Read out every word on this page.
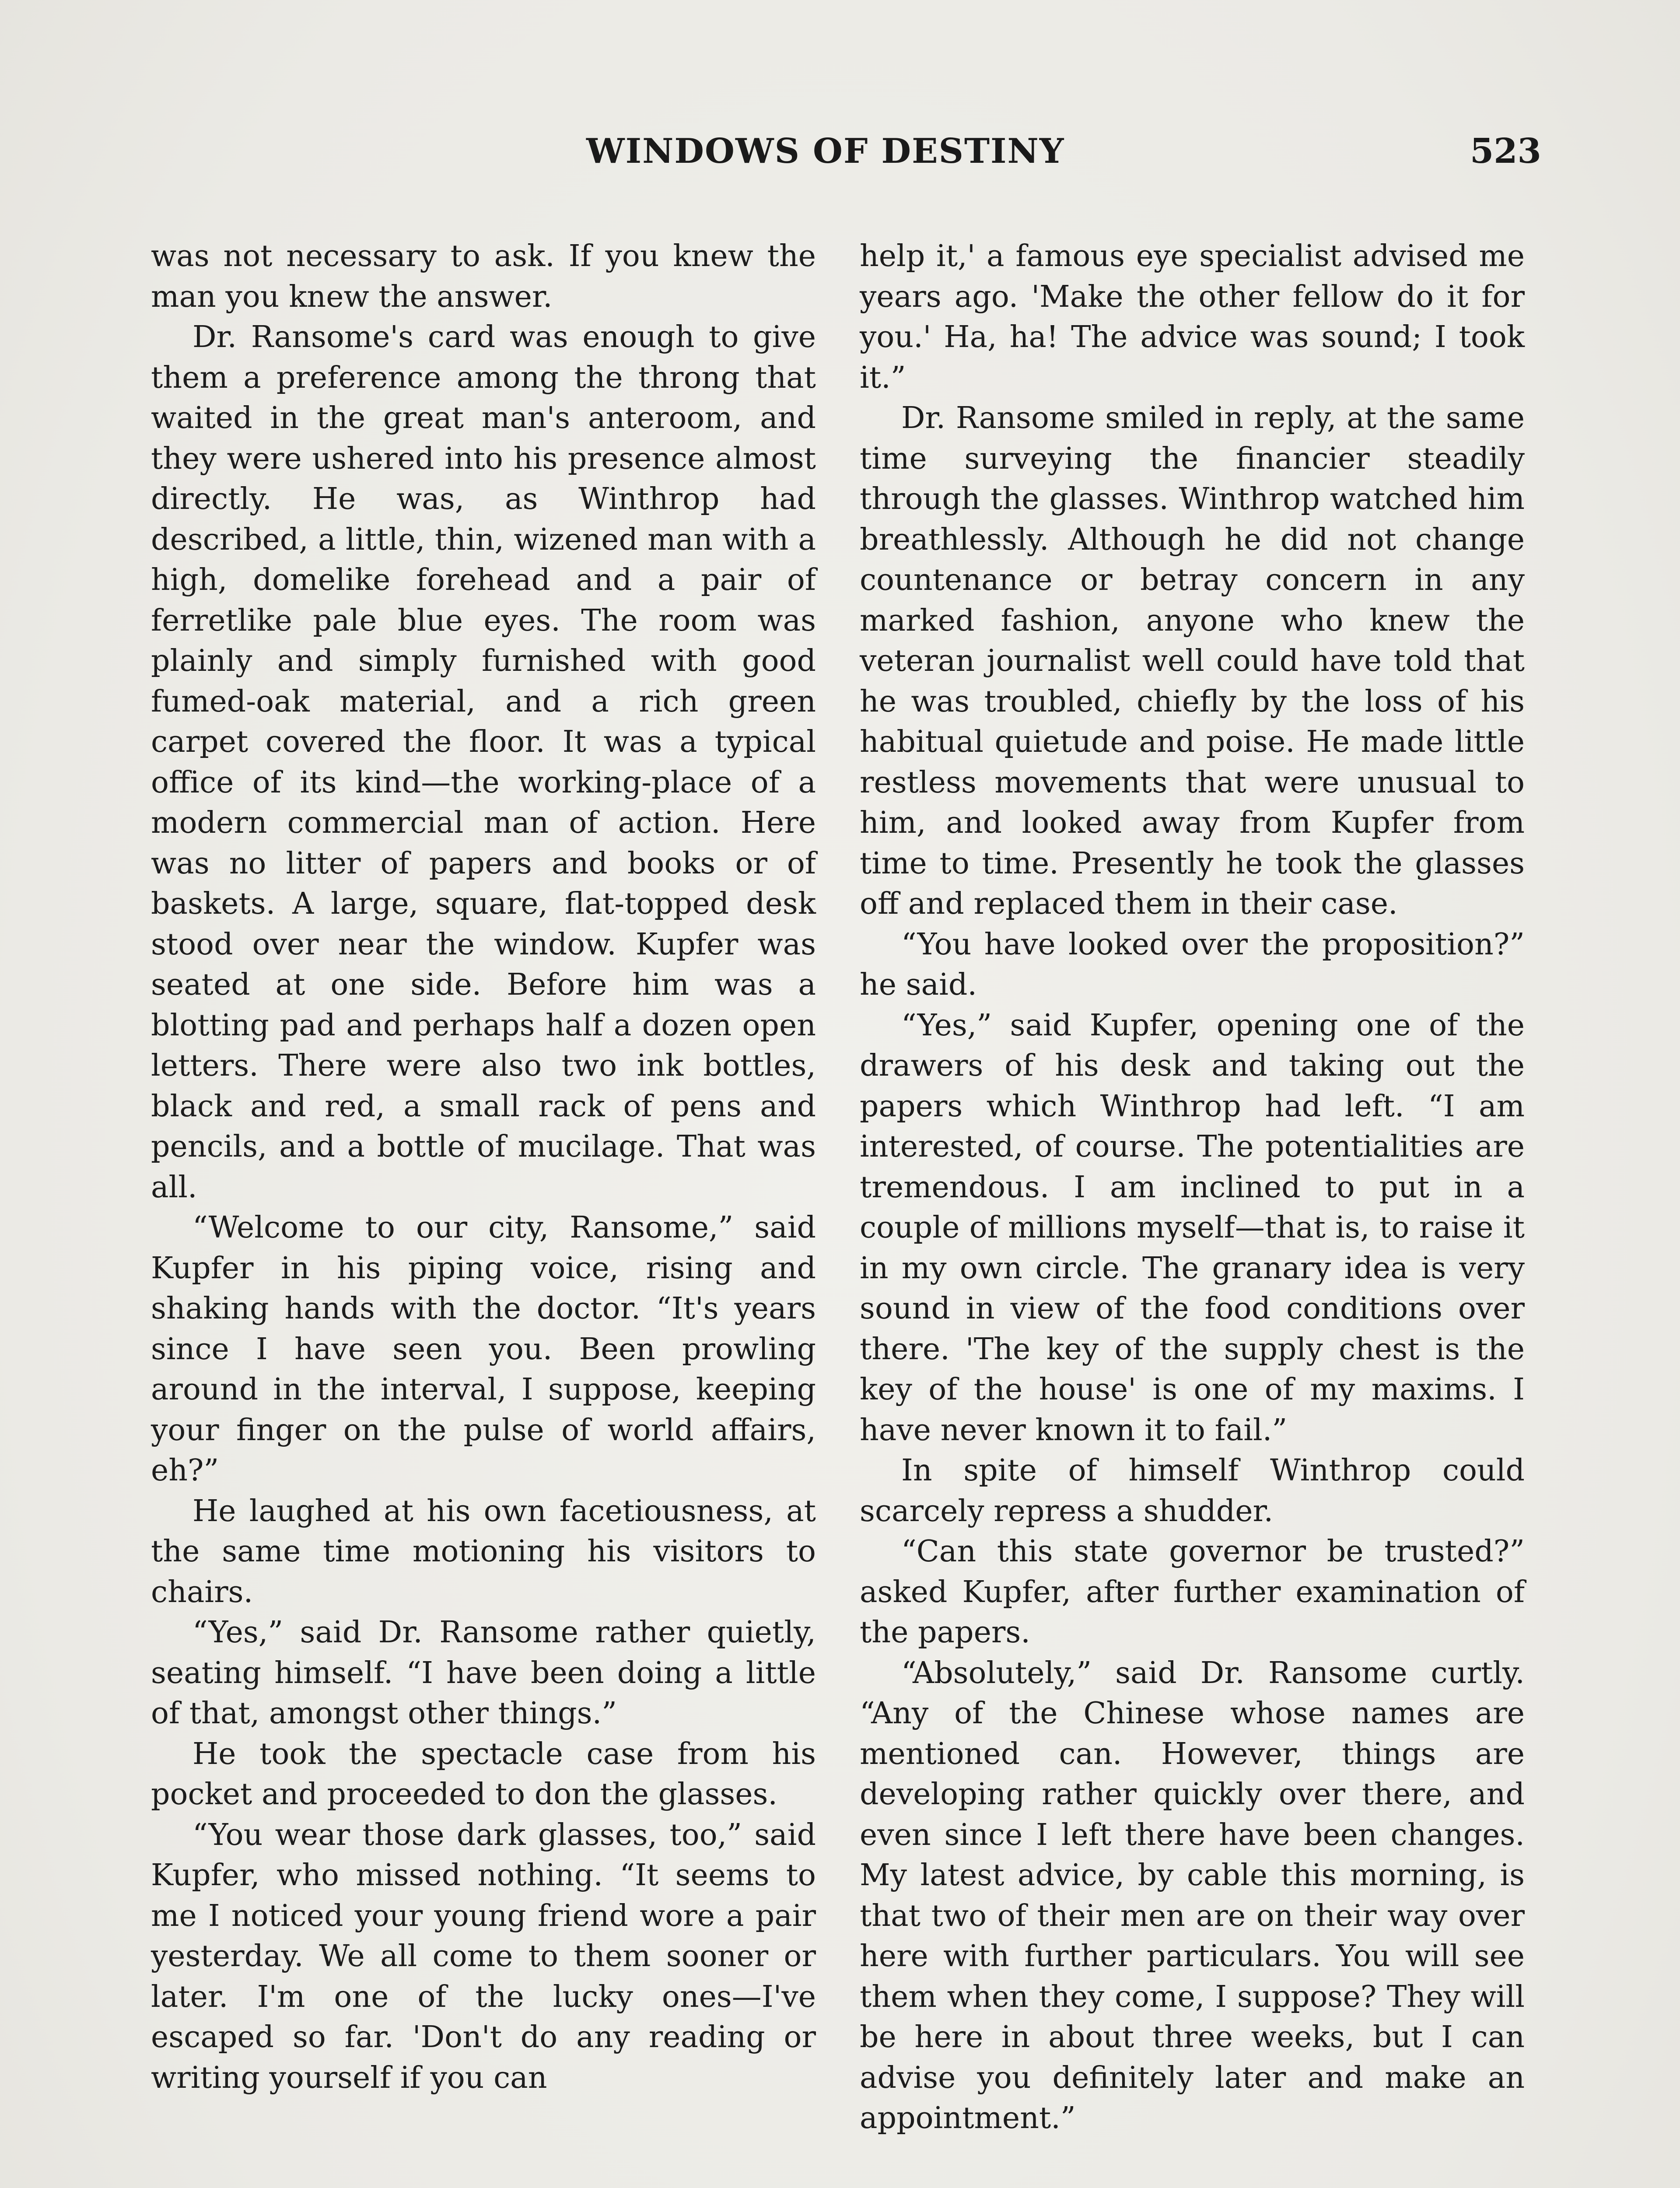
WINDOWS OF DESTINY	523

was not necessary to ask. If you knew the man you knew the answer.

Dr. Ransome's card was enough to give them a preference among the throng that waited in the great man's anteroom, and they were ushered into his presence almost directly. He was, as Winthrop had described, a little, thin, wizened man with a high, domelike forehead and a pair of ferretlike pale blue eyes. The room was plainly and simply furnished with good fumed-oak material, and a rich green carpet covered the floor. It was a typical office of its kind—the working-place of a modern commercial man of action. Here was no litter of papers and books or of baskets. A large, square, flat-topped desk stood over near the window. Kupfer was seated at one side. Before him was a blotting pad and perhaps half a dozen open letters. There were also two ink bottles, black and red, a small rack of pens and pencils, and a bottle of mucilage. That was all.

“Welcome to our city, Ransome,” said Kupfer in his piping voice, rising and shaking hands with the doctor. “It's years since I have seen you. Been prowling around in the interval, I suppose, keeping your finger on the pulse of world affairs, eh?”

He laughed at his own facetiousness, at the same time motioning his visitors to chairs.

“Yes,” said Dr. Ransome rather quietly, seating himself. “I have been doing a little of that, amongst other things.”

He took the spectacle case from his pocket and proceeded to don the glasses.

“You wear those dark glasses, too,” said Kupfer, who missed nothing. “It seems to me I noticed your young friend wore a pair yesterday. We all come to them sooner or later. I'm one of the lucky ones—I've escaped so far. 'Don't do any reading or writing yourself if you can

help it,' a famous eye specialist advised me years ago. 'Make the other fellow do it for you.' Ha, ha! The advice was sound; I took it.”

Dr. Ransome smiled in reply, at the same time surveying the financier steadily through the glasses. Winthrop watched him breathlessly. Although he did not change countenance or betray concern in any marked fashion, anyone who knew the veteran journalist well could have told that he was troubled, chiefly by the loss of his habitual quietude and poise. He made little restless movements that were unusual to him, and looked away from Kupfer from time to time. Presently he took the glasses off and replaced them in their case.

“You have looked over the proposition?” he said.

“Yes,” said Kupfer, opening one of the drawers of his desk and taking out the papers which Winthrop had left. “I am interested, of course. The potentialities are tremendous. I am inclined to put in a couple of millions myself—that is, to raise it in my own circle. The granary idea is very sound in view of the food conditions over there. 'The key of the supply chest is the key of the house' is one of my maxims. I have never known it to fail.”

In spite of himself Winthrop could scarcely repress a shudder.

“Can this state governor be trusted?” asked Kupfer, after further examination of the papers.

“Absolutely,” said Dr. Ransome curtly. “Any of the Chinese whose names are mentioned can. However, things are developing rather quickly over there, and even since I left there have been changes. My latest advice, by cable this morning, is that two of their men are on their way over here with further particulars. You will see them when they come, I suppose? They will be here in about three weeks, but I can advise you definitely later and make an appointment.”
